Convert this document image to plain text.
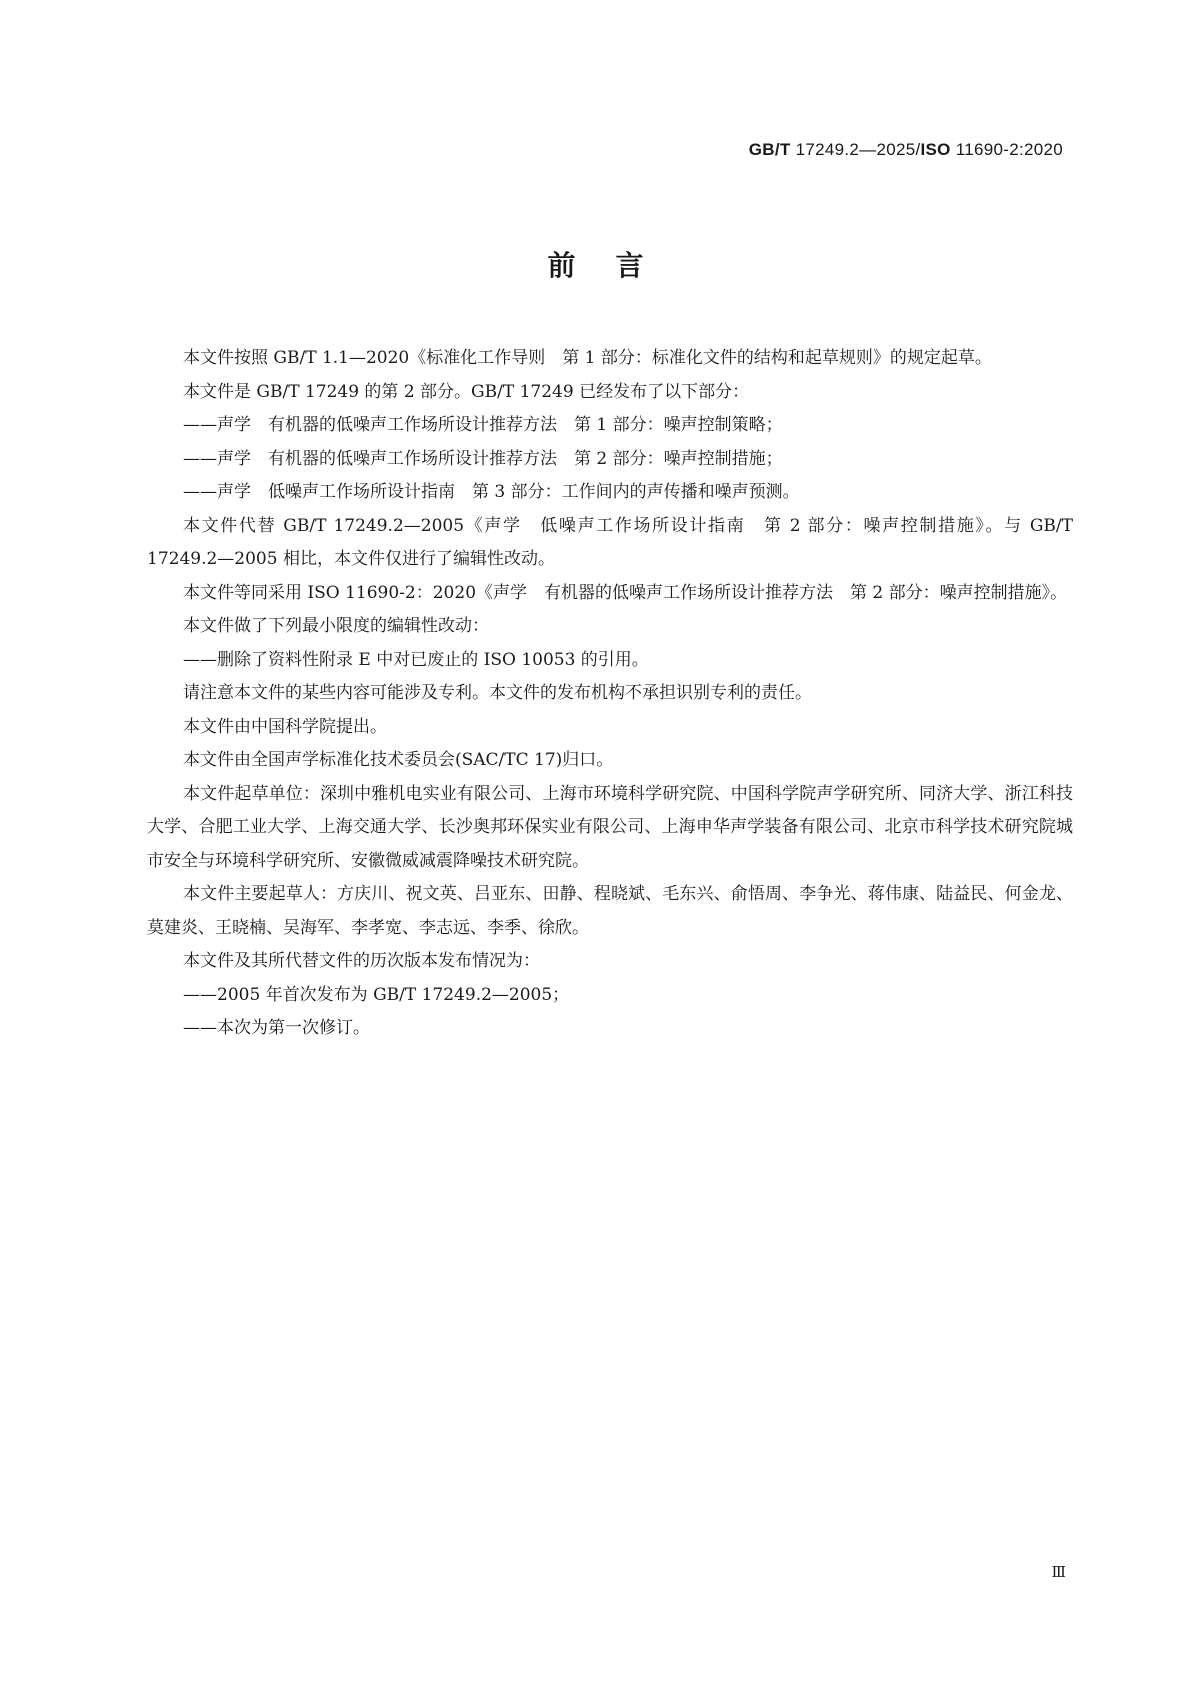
GB/T 17249.2—2025/ISO 11690-2:2020
前言

本文件按照 GB/T 1.1—2020《标准化工作导则　第 1 部分：标准化文件的结构和起草规则》的规定起草。

本文件是 GB/T 17249 的第 2 部分。GB/T 17249 已经发布了以下部分：

——声学　有机器的低噪声工作场所设计推荐方法　第 1 部分：噪声控制策略；

——声学　有机器的低噪声工作场所设计推荐方法　第 2 部分：噪声控制措施；

——声学　低噪声工作场所设计指南　第 3 部分：工作间内的声传播和噪声预测。

本文件代替 GB/T 17249.2—2005《声学　低噪声工作场所设计指南　第 2 部分：噪声控制措施》。与 GB/T 17249.2—2005 相比，本文件仅进行了编辑性改动。

本文件等同采用 ISO 11690-2：2020《声学　有机器的低噪声工作场所设计推荐方法　第 2 部分：噪声控制措施》。

本文件做了下列最小限度的编辑性改动：

——删除了资料性附录 E 中对已废止的 ISO 10053 的引用。

请注意本文件的某些内容可能涉及专利。本文件的发布机构不承担识别专利的责任。

本文件由中国科学院提出。

本文件由全国声学标准化技术委员会(SAC/TC 17)归口。

本文件起草单位：深圳中雅机电实业有限公司、上海市环境科学研究院、中国科学院声学研究所、同济大学、浙江科技大学、合肥工业大学、上海交通大学、长沙奥邦环保实业有限公司、上海申华声学装备有限公司、北京市科学技术研究院城市安全与环境科学研究所、安徽微威减震降噪技术研究院。

本文件主要起草人：方庆川、祝文英、吕亚东、田静、程晓斌、毛东兴、俞悟周、李争光、蒋伟康、陆益民、何金龙、莫建炎、王晓楠、吴海军、李孝宽、李志远、李季、徐欣。

本文件及其所代替文件的历次版本发布情况为：

——2005 年首次发布为 GB/T 17249.2—2005；

——本次为第一次修订。

Ⅲ
